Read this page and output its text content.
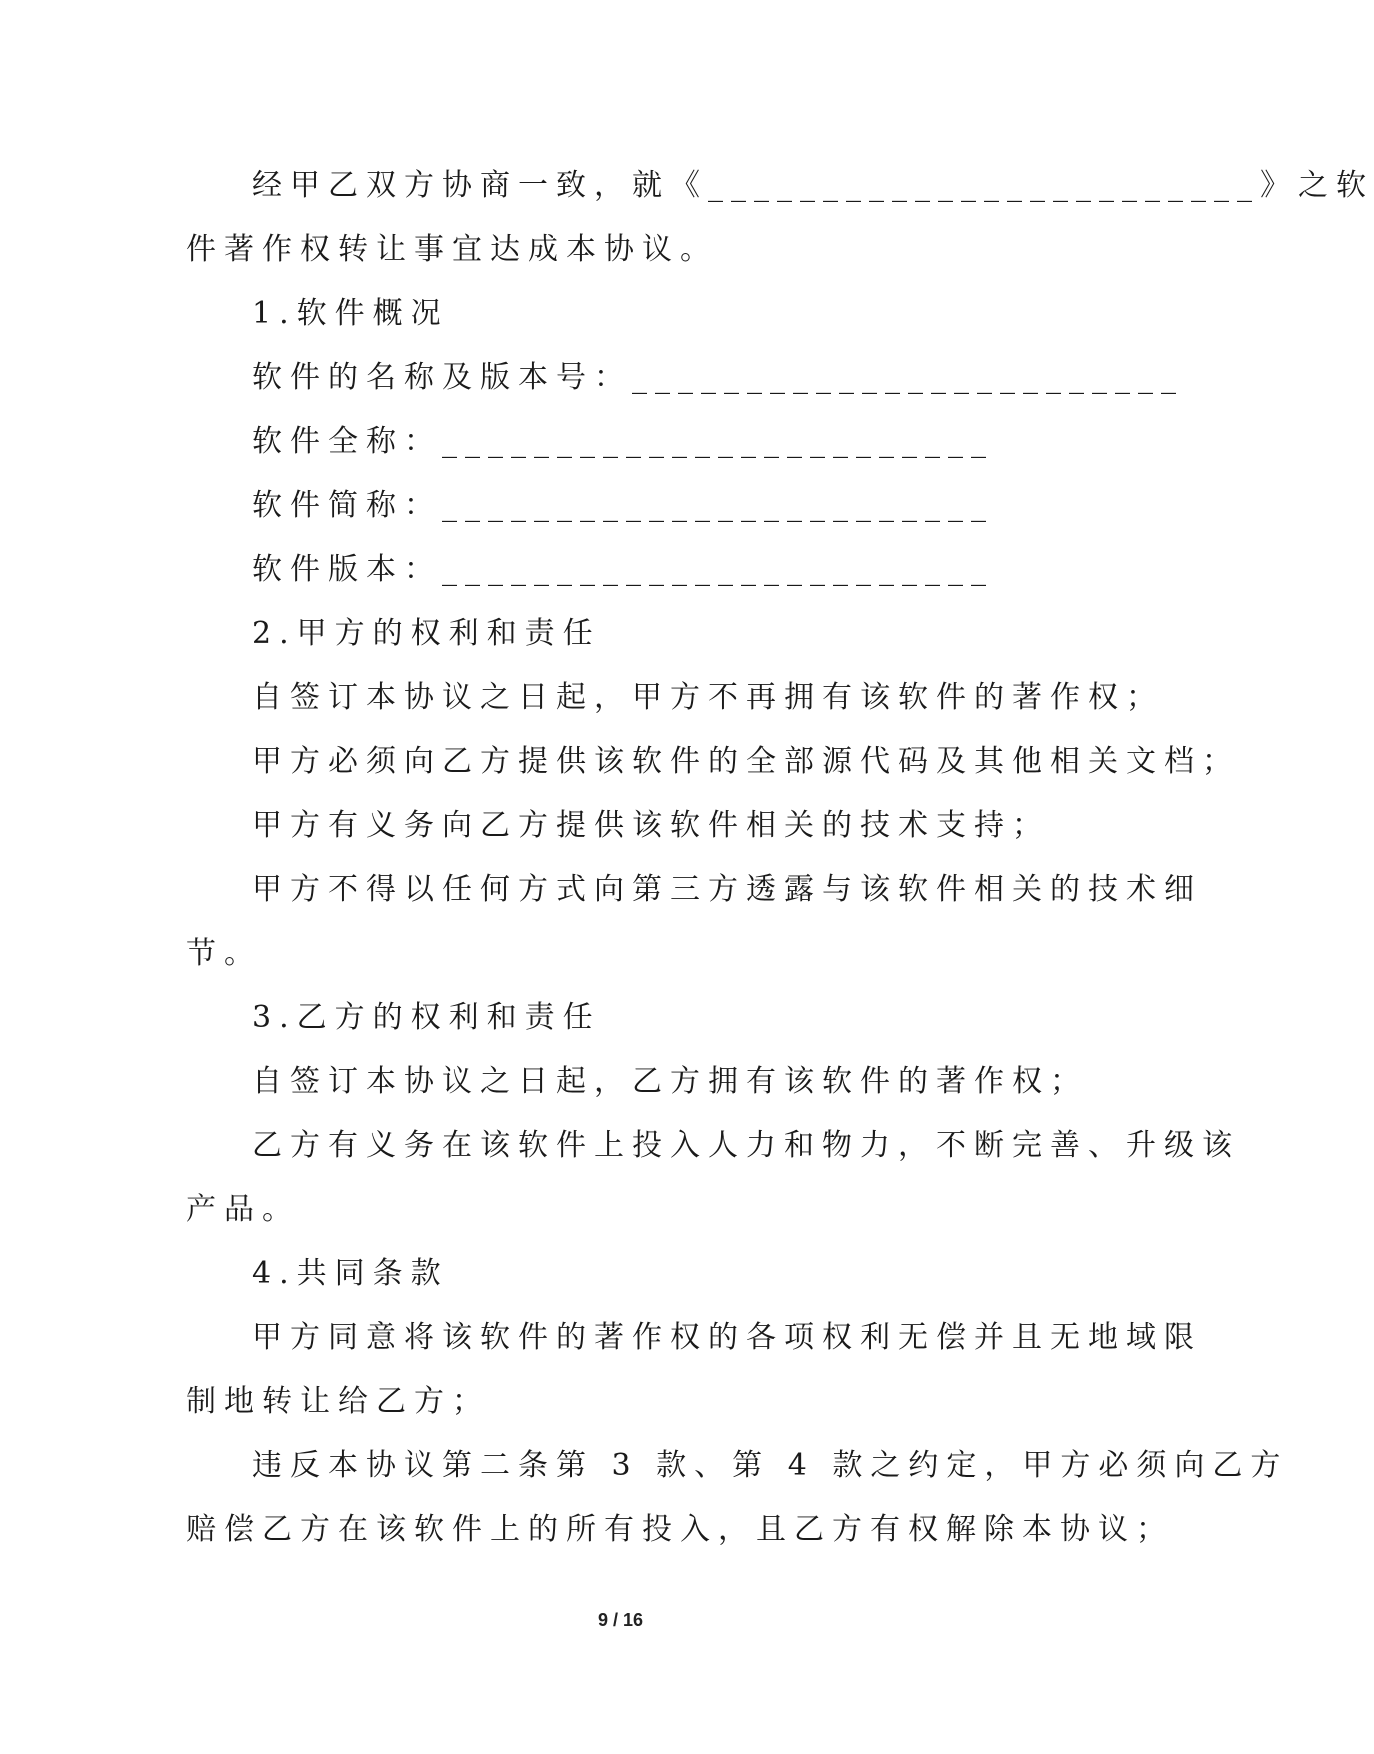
经甲乙双方协商一致，就《________________________》之软

件著作权转让事宜达成本协议。

1.软件概况

软件的名称及版本号：________________________

软件全称：________________________

软件简称：________________________

软件版本：________________________

2.甲方的权利和责任

自签订本协议之日起，甲方不再拥有该软件的著作权；

甲方必须向乙方提供该软件的全部源代码及其他相关文档；

甲方有义务向乙方提供该软件相关的技术支持；

甲方不得以任何方式向第三方透露与该软件相关的技术细

节。

3.乙方的权利和责任

自签订本协议之日起，乙方拥有该软件的著作权；

乙方有义务在该软件上投入人力和物力，不断完善、升级该

产品。

4.共同条款

甲方同意将该软件的著作权的各项权利无偿并且无地域限

制地转让给乙方；

违反本协议第二条第 3 款、第 4 款之约定，甲方必须向乙方

赔偿乙方在该软件上的所有投入，且乙方有权解除本协议；

9 / 16
